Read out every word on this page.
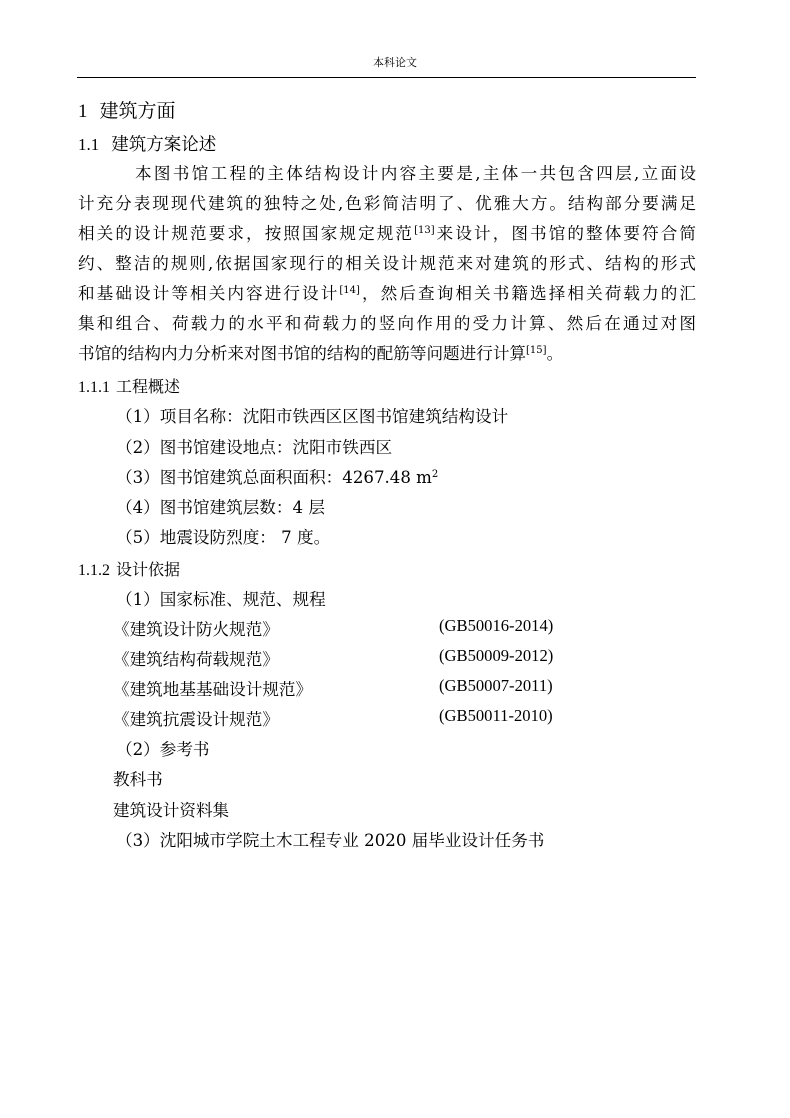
本科论文
1 建筑方面
1.1 建筑方案论述
本图书馆工程的主体结构设计内容主要是,主体一共包含四层,立面设
计充分表现现代建筑的独特之处,色彩简洁明了、优雅大方。结构部分要满足
相关的设计规范要求，按照国家规定规范[13]来设计，图书馆的整体要符合简
约、整洁的规则,依据国家现行的相关设计规范来对建筑的形式、结构的形式
和基础设计等相关内容进行设计[14]，然后查询相关书籍选择相关荷载力的汇
集和组合、荷载力的水平和荷载力的竖向作用的受力计算、然后在通过对图
书馆的结构内力分析来对图书馆的结构的配筋等问题进行计算[15]。
1.1.1 工程概述
（1）项目名称：沈阳市铁西区区图书馆建筑结构设计
（2）图书馆建设地点：沈阳市铁西区
（3）图书馆建筑总面积面积：4267.48 $m^2$
（4）图书馆建筑层数：4 层
（5）地震设防烈度： 7 度。
1.1.2 设计依据
（1）国家标准、规范、规程
《建筑设计防火规范》	(GB50016-2014)
《建筑结构荷载规范》	(GB50009-2012)
《建筑地基基础设计规范》	(GB50007-2011)
《建筑抗震设计规范》	(GB50011-2010)
（2）参考书
教科书
建筑设计资料集
（3）沈阳城市学院土木工程专业 2020 届毕业设计任务书
